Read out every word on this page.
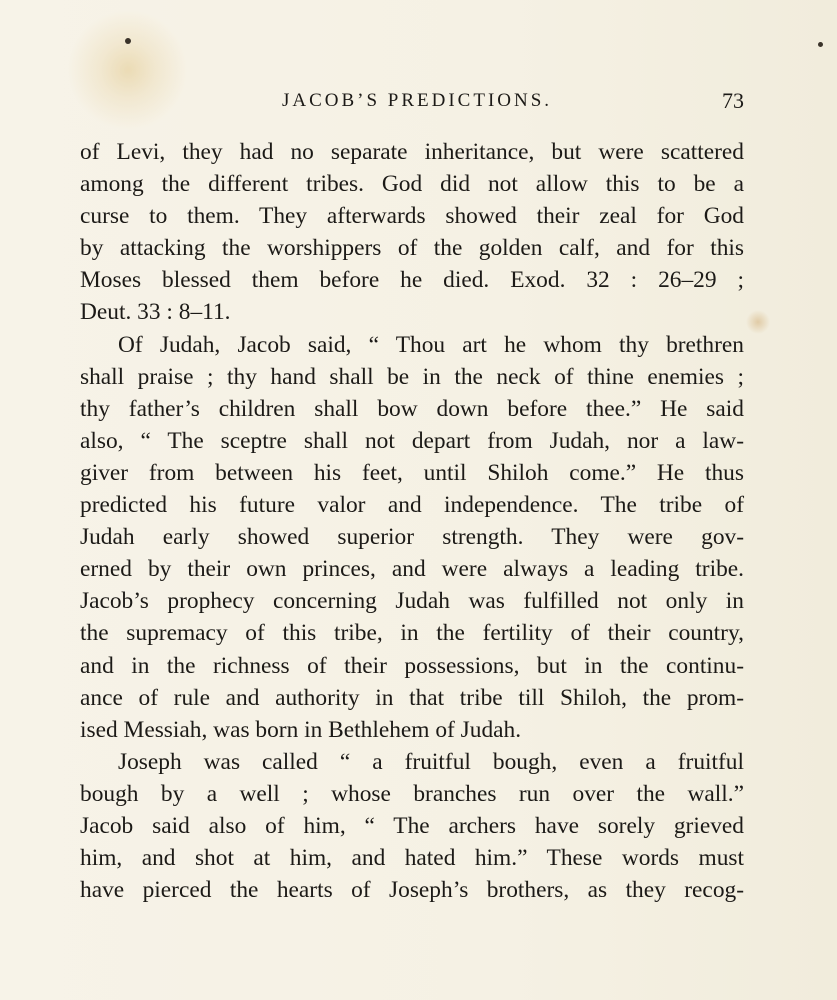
JACOB’S PREDICTIONS.	73
of Levi, they had no separate inheritance, but were scattered
among the different tribes. God did not allow this to be a
curse to them. They afterwards showed their zeal for God
by attacking the worshippers of the golden calf, and for this
Moses blessed them before he died. Exod. 32 : 26–29 ;
Deut. 33 : 8–11.
Of Judah, Jacob said, “ Thou art he whom thy brethren
shall praise ; thy hand shall be in the neck of thine enemies ;
thy father’s children shall bow down before thee.” He said
also, “ The sceptre shall not depart from Judah, nor a law-
giver from between his feet, until Shiloh come.” He thus
predicted his future valor and independence. The tribe of
Judah early showed superior strength. They were gov-
erned by their own princes, and were always a leading tribe.
Jacob’s prophecy concerning Judah was fulfilled not only in
the supremacy of this tribe, in the fertility of their country,
and in the richness of their possessions, but in the continu-
ance of rule and authority in that tribe till Shiloh, the prom-
ised Messiah, was born in Bethlehem of Judah.
Joseph was called “ a fruitful bough, even a fruitful
bough by a well ; whose branches run over the wall.”
Jacob said also of him, “ The archers have sorely grieved
him, and shot at him, and hated him.” These words must
have pierced the hearts of Joseph’s brothers, as they recog-
